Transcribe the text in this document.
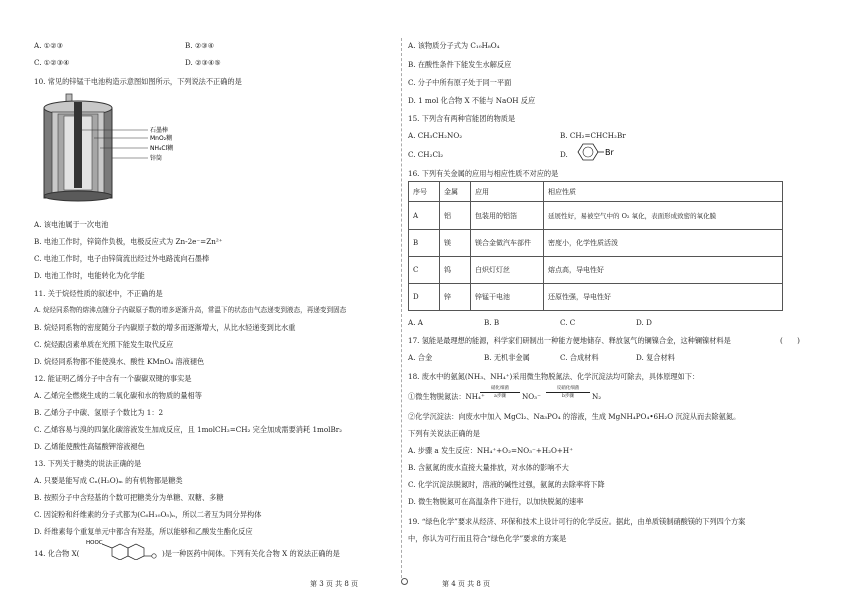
A. ①②③	B. ②③④
C. ①②③④	D. ②③④⑤
10. 常见的锌锰干电池构造示意图如图所示，下列说法不正确的是
石墨棒
MnO₂糊
NH₄Cl糊
锌筒
A. 该电池属于一次电池
B. 电池工作时，锌筒作负极，电极反应式为 Zn-2e⁻=Zn²⁺
C. 电池工作时，电子由锌筒流出经过外电路流向石墨棒
D. 电池工作时，电能转化为化学能
11. 关于烷烃性质的叙述中，不正确的是
A. 烷烃同系物的熔沸点随分子内碳原子数的增多逐渐升高，常温下的状态由气态递变到液态，再递变到固态
B. 烷烃同系物的密度随分子内碳原子数的增多而逐渐增大，从比水轻递变到比水重
C. 烷烃跟卤素单质在光照下能发生取代反应
D. 烷烃同系物都不能使溴水、酸性 KMnO₄ 溶液褪色
12. 能证明乙烯分子中含有一个碳碳双键的事实是
A. 乙烯完全燃烧生成的二氧化碳和水的物质的量相等
B. 乙烯分子中碳、氢原子个数比为 1：2
C. 乙烯容易与溴的四氯化碳溶液发生加成反应，且 1molCH₂=CH₂ 完全加成需要消耗 1molBr₂
D. 乙烯能使酸性高锰酸钾溶液褪色
13. 下列关于糖类的说法正确的是
A. 只要是能写成 Cₙ(H₂O)ₘ 的有机物都是糖类
B. 按照分子中含羟基的个数可把糖类分为单糖、双糖、多糖
C. 因淀粉和纤维素的分子式都为(C₆H₁₀O₅)ₙ，所以二者互为同分异构体
D. 纤维素每个重复单元中都含有羟基，所以能够和乙酸发生酯化反应
14. 化合物 X(
HOOC
)是一种医药中间体。下列有关化合物 X 的说法正确的是
第 3 页 共 8 页
A. 该物质分子式为 C₁₀H₈O₄
B. 在酸性条件下能发生水解反应
C. 分子中所有原子处于同一平面
D. 1 mol 化合物 X 不能与 NaOH 反应
15. 下列含有两种官能团的物质是
A. CH₃CH₂NO₂	B. CH₂=CHCH₂Br
C. CH₂Cl₂	D.	Br
16. 下列有关金属的应用与相应性质不对应的是
序号	金属	应用	相应性质
A	铝	包装用的铝箔	延展性好，易被空气中的 O₂ 氧化，表面形成致密的氧化膜
B	镁	镁合金做汽车部件	密度小，化学性质活泼
C	钨	白炽灯灯丝	熔点高，导电性好
D	锌	锌锰干电池	还原性强，导电性好
A. A	B. B	C. C	D. D
17. 氢能是最理想的能源，科学家们研制出一种能方便地储存、释放氢气的镧镍合金，这种镧镍材料是	(　　)
A. 合金	B. 无机非金属	C. 合成材料	D. 复合材料
18. 废水中的氨氮(NH₃、NH₄⁺)采用微生物脱氮法、化学沉淀法均可除去，具体原理如下：
①微生物脱氮法：NH₄⁺
硝化细菌
a步骤	NO₃⁻
反硝化细菌
b步骤	N₂
②化学沉淀法：向废水中加入 MgCl₂、Na₃PO₄ 的溶液，生成 MgNH₄PO₄•6H₂O 沉淀从而去除氨氮。
下列有关说法正确的是
A. 步骤 a 发生反应：NH₄⁺+O₂=NO₃⁻+H₂O+H⁺
B. 含氨氮的废水直接大量排放，对水体的影响不大
C. 化学沉淀法脱氮时，溶液的碱性过强，氨氮的去除率将下降
D. 微生物脱氮可在高温条件下进行，以加快脱氮的速率
19. “绿色化学”要求从经济、环保和技术上设计可行的化学反应。据此，由单质镁制硝酸镁的下列四个方案
中，你认为可行而且符合“绿色化学”要求的方案是
第 4 页 共 8 页
